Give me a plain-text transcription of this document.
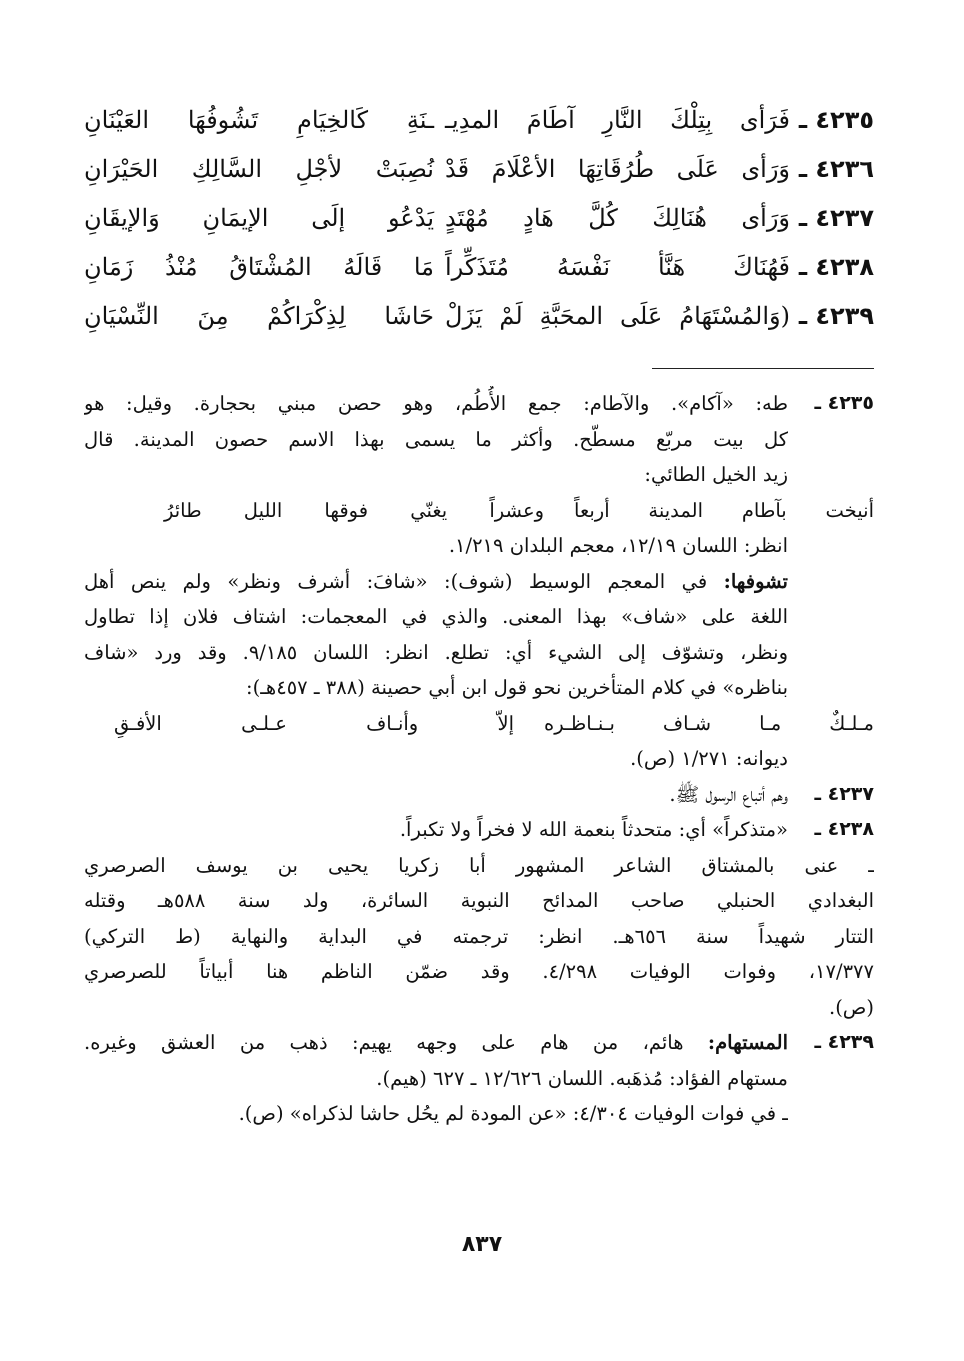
٤٢٣٥ ـ
فَرَأى بِتِلْكَ النَّارِ آطَامَ المدِيـ
ـنَةِ كَالخِيَامِ تَشُوفُهَا العَيْنَانِ
٤٢٣٦ ـ
وَرَأى عَلَى طُرُقَاتِهَا الأعْلَامَ قَدْ
نُصِبَتْ لأجْلِ السَّالِكِ الحَيْرَانِ
٤٢٣٧ ـ
وَرَأى هُنَالِكَ كُلَّ هَادٍ مُهْتَدٍ
يَدْعُو إلَى الإيمَانِ وَالإيقَانِ
٤٢٣٨ ـ
فَهُنَاكَ هَنَّأ نَفْسَهُ مُتَذَكِّراً
مَا قَالَهُ المُشْتَاقُ مُنْذُ زَمَانِ
٤٢٣٩ ـ
(وَالمُسْتَهَامُ عَلَى المحَبَّةِ لَمْ يَزَلْ
حَاشَا لِذِكْرَاكُمْ مِنَ النِّسْيَانِ
٤٢٣٥ ـ
طه: «آكام». والآطام: جمع الأُطُم، وهو حصن مبني بحجارة. وقيل: هو
كل بيت مربّع مسطّح. وأكثر ما يسمى بهذا الاسم حصون المدينة. قال
زيد الخيل الطائي:
أنيخت بآطام المدينة أربعاًوعشراً يغنّي فوقها الليل طائرُ
انظر: اللسان ١٢/١٩، معجم البلدان ١/٢١٩.
تشوفها: في المعجم الوسيط (شوف): «شافَ: أشرف ونظر» ولم ينص أهل
اللغة على «شاف» بهذا المعنى. والذي في المعجمات: اشتاف فلان إذا تطاول
ونظر، وتشوّف إلى الشيء أي: تطلع. انظر: اللسان ٩/١٨٥. وقد ورد «شاف
بناظره» في كلام المتأخرين نحو قول ابن أبي حصينة (٣٨٨ ـ ٤٥٧هـ):
مـلـكٌ مـا شـاف بـنـاظـرهإلاّ وأنـاف عـلـى الأفـقِ
ديوانه: ١/٢٧١ (ص).
٤٢٣٧ ـ
وهم أتباع الرسول ﷺ.
٤٢٣٨ ـ
«متذكراً» أي: متحدثاً بنعمة الله لا فخراً ولا تكبراً.
ـ عنى بالمشتاق الشاعر المشهور أبا زكريا يحيى بن يوسف الصرصري
البغدادي الحنبلي صاحب المدائح النبوية السائرة، ولد سنة ٥٨٨هـ وقتله
التتار شهيداً سنة ٦٥٦هـ. انظر: ترجمته في البداية والنهاية (ط التركي)
١٧/٣٧٧، وفوات الوفيات ٤/٢٩٨. وقد ضمّن الناظم هنا أبياتاً للصرصري
(ص).
٤٢٣٩ ـ
المستهام: هائم، من هام على وجهه يهيم: ذهب من العشق وغيره.
مستهام الفؤاد: مُذهَبه. اللسان ١٢/٦٢٦ ـ ٦٢٧ (هيم).
ـ في فوات الوفيات ٤/٣٠٤: «عن المودة لم يحُل حاشا لذكراه» (ص).
٨٣٧
